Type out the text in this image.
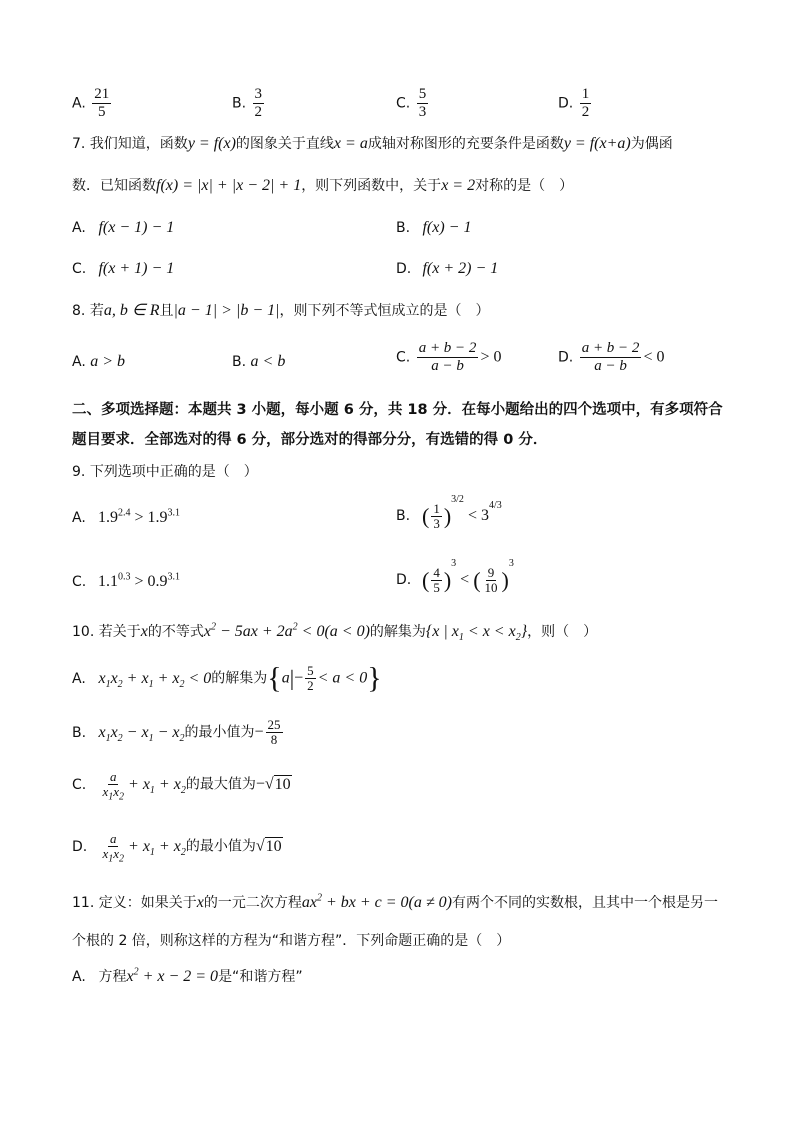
A. $\frac{21}{5}$	B. $\frac{3}{2}$	C. $\frac{5}{3}$	D. $\frac{1}{2}$
7. 我们知道，函数y = f(x)的图象关于直线x = a成轴对称图形的充要条件是函数y = f(x+a)为偶函
数．已知函数f(x) = |x| + |x − 2| + 1，则下列函数中，关于x = 2对称的是（　）
A. f(x − 1) − 1	B. f(x) − 1
C. f(x + 1) − 1	D. f(x + 2) − 1
8. 若a, b ∈ R且|a − 1| > |b − 1|，则下列不等式恒成立的是（　）
A. a > b	B. a < b	C. $\frac{a + b - 2}{a - b} > 0$	D. $\frac{a + b - 2}{a - b} < 0$
二、多项选择题：本题共 3 小题，每小题 6 分，共 18 分．在每小题给出的四个选项中，有多项符合题目要求．全部选对的得 6 分，部分选对的得部分分，有选错的得 0 分．
9. 下列选项中正确的是（　）
A. $1.9^{2.4} > 1.9^{3.1}$	B. ( $\frac{1}{3} )^{3/2} < 3^{4/3}$
C. $1.1^{0.3} > 0.9^{3.1}$	D. ( $\frac{4}{5} )^3$ < ( $\frac{9}{10} )^3$
10. 若关于x的不等式$x^2 - 5ax + 2a^2 < 0(a < 0)$的解集为{x | $x_1 < x < x_2$}，则（　）
A. $x_1x_2 + x_1 + x_2 < 0$的解集为$\{a|- \frac{5}{2} < a < 0\}$
B. $x_1x_2 - x_1 - x_2$的最小值为− $\frac{25}{8}$
C. $\frac{a}{x_1x_2} + x_1 + x_2$的最大值为−√10
D. $\frac{a}{x_1x_2} + x_1 + x_2$的最小值为√10
11. 定义：如果关于x的一元二次方程$ax^2$ + bx + c = 0(a ≠ 0)有两个不同的实数根，且其中一个根是另一
个根的 2 倍，则称这样的方程为“和谐方程”．下列命题正确的是（　）
A. 方程$x^2 + x - 2 = 0$是“和谐方程”
